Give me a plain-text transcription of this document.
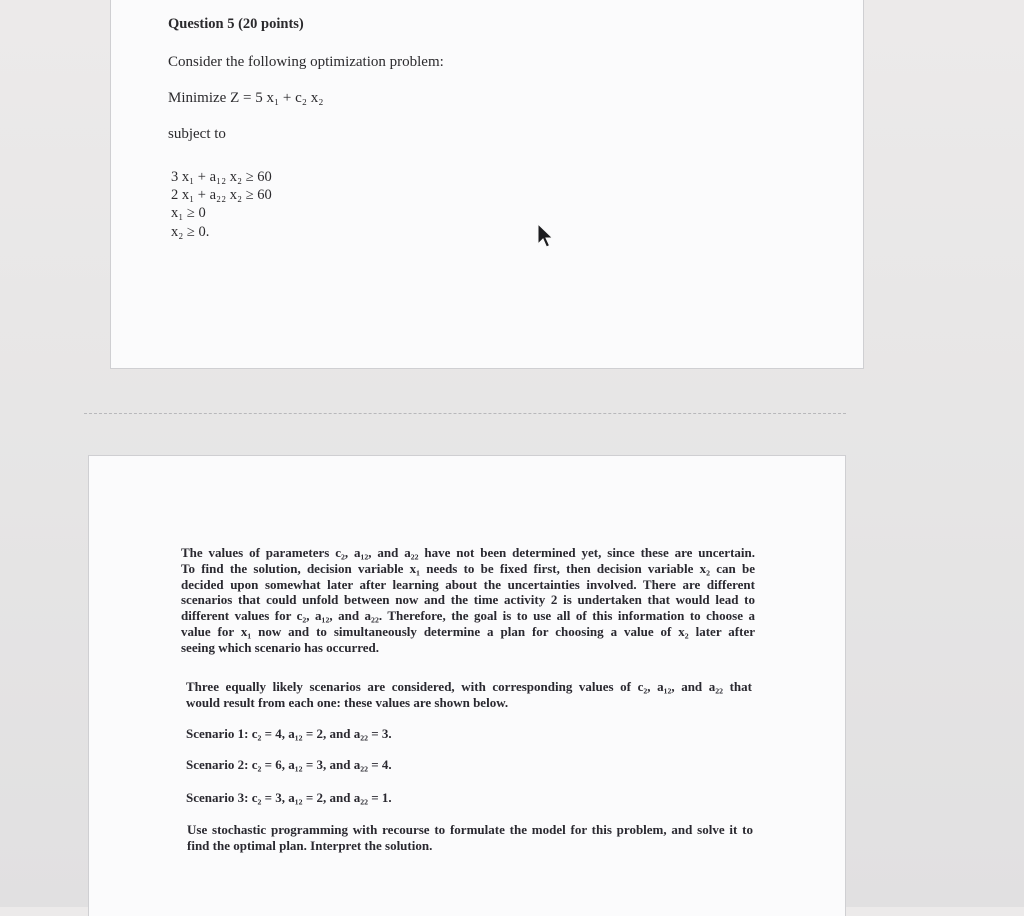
Question 5 (20 points)
Consider the following optimization problem:
Minimize Z = 5 x₁ + c₂ x₂
subject to
3 x₁ + a₁₂ x₂ ≥ 60
2 x₁ + a₂₂ x₂ ≥ 60
x₁ ≥ 0
x₂ ≥ 0.
The values of parameters c₂, a₁₂, and a₂₂ have not been determined yet, since these are uncertain.
To find the solution, decision variable x₁ needs to be fixed first, then decision variable x₂ can be
decided upon somewhat later after learning about the uncertainties involved. There are different
scenarios that could unfold between now and the time activity 2 is undertaken that would lead to
different values for c₂, a₁₂, and a₂₂. Therefore, the goal is to use all of this information to choose a
value for x₁ now and to simultaneously determine a plan for choosing a value of x₂ later after
seeing which scenario has occurred.
Three equally likely scenarios are considered, with corresponding values of c₂, a₁₂, and a₂₂ that
would result from each one: these values are shown below.
Scenario 1: c₂ = 4, a₁₂ = 2, and a₂₂ = 3.
Scenario 2: c₂ = 6, a₁₂ = 3, and a₂₂ = 4.
Scenario 3: c₂ = 3, a₁₂ = 2, and a₂₂ = 1.
Use stochastic programming with recourse to formulate the model for this problem, and solve it to
find the optimal plan. Interpret the solution.
